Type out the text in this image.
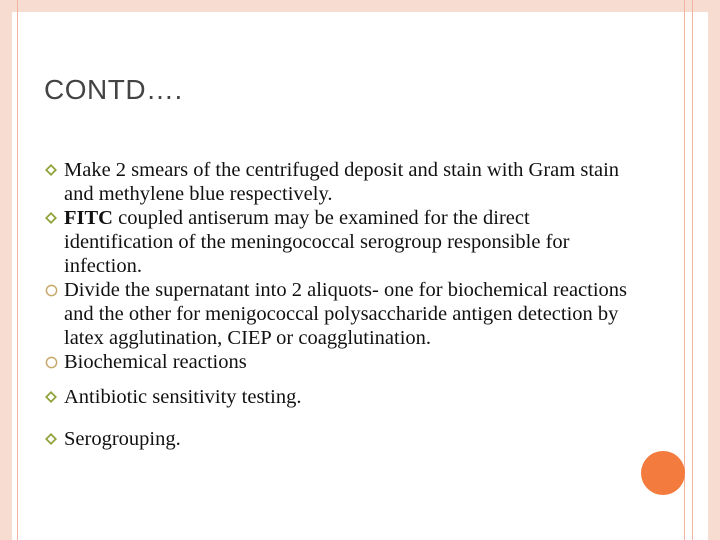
CONTD….
Make 2 smears of the centrifuged deposit and stain with Gram stain and methylene blue respectively.
FITC coupled antiserum may be examined for the direct identification of the meningococcal serogroup responsible for infection.
Divide the supernatant into 2 aliquots- one for biochemical reactions and the other for menigococcal polysaccharide antigen detection by latex agglutination, CIEP or coagglutination.
Biochemical reactions
Antibiotic sensitivity testing.
Serogrouping.
